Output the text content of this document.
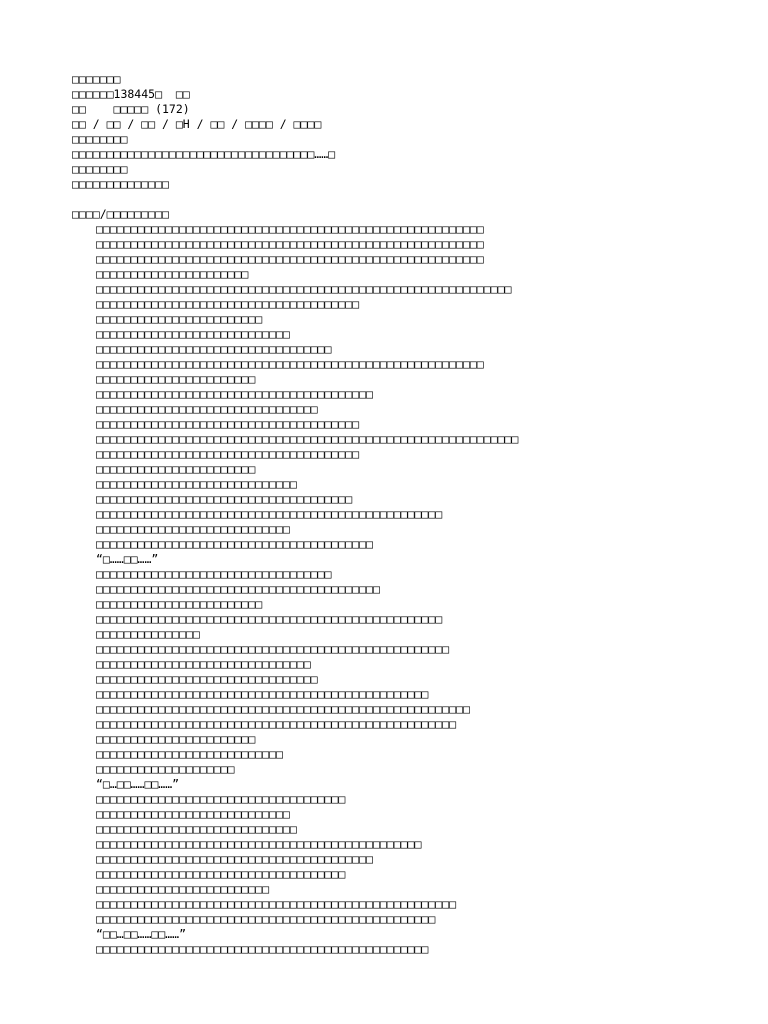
□□□□□□□
□□□□□□138445□  □□
□□    □□□□□ (172)
□□ / □□ / □□ / □H / □□ / □□□□ / □□□□
□□□□□□□□
□□□□□□□□□□□□□□□□□□□□□□□□□□□□□□□□□□□……□
□□□□□□□□
□□□□□□□□□□□□□□
□□□□/□□□□□□□□□
□□□□□□□□□□□□□□□□□□□□□□□□□□□□□□□□□□□□□□□□□□□□□□□□□□□□□□□□
□□□□□□□□□□□□□□□□□□□□□□□□□□□□□□□□□□□□□□□□□□□□□□□□□□□□□□□□
□□□□□□□□□□□□□□□□□□□□□□□□□□□□□□□□□□□□□□□□□□□□□□□□□□□□□□□□
□□□□□□□□□□□□□□□□□□□□□□
□□□□□□□□□□□□□□□□□□□□□□□□□□□□□□□□□□□□□□□□□□□□□□□□□□□□□□□□□□□□
□□□□□□□□□□□□□□□□□□□□□□□□□□□□□□□□□□□□□□
□□□□□□□□□□□□□□□□□□□□□□□□
□□□□□□□□□□□□□□□□□□□□□□□□□□□□
□□□□□□□□□□□□□□□□□□□□□□□□□□□□□□□□□□
□□□□□□□□□□□□□□□□□□□□□□□□□□□□□□□□□□□□□□□□□□□□□□□□□□□□□□□□
□□□□□□□□□□□□□□□□□□□□□□□
□□□□□□□□□□□□□□□□□□□□□□□□□□□□□□□□□□□□□□□□
□□□□□□□□□□□□□□□□□□□□□□□□□□□□□□□□
□□□□□□□□□□□□□□□□□□□□□□□□□□□□□□□□□□□□□□
□□□□□□□□□□□□□□□□□□□□□□□□□□□□□□□□□□□□□□□□□□□□□□□□□□□□□□□□□□□□□
□□□□□□□□□□□□□□□□□□□□□□□□□□□□□□□□□□□□□□
□□□□□□□□□□□□□□□□□□□□□□□
□□□□□□□□□□□□□□□□□□□□□□□□□□□□□
□□□□□□□□□□□□□□□□□□□□□□□□□□□□□□□□□□□□□
□□□□□□□□□□□□□□□□□□□□□□□□□□□□□□□□□□□□□□□□□□□□□□□□□□
□□□□□□□□□□□□□□□□□□□□□□□□□□□□
□□□□□□□□□□□□□□□□□□□□□□□□□□□□□□□□□□□□□□□□
“□……□□……”
□□□□□□□□□□□□□□□□□□□□□□□□□□□□□□□□□□
□□□□□□□□□□□□□□□□□□□□□□□□□□□□□□□□□□□□□□□□□
□□□□□□□□□□□□□□□□□□□□□□□□
□□□□□□□□□□□□□□□□□□□□□□□□□□□□□□□□□□□□□□□□□□□□□□□□□□
□□□□□□□□□□□□□□□
□□□□□□□□□□□□□□□□□□□□□□□□□□□□□□□□□□□□□□□□□□□□□□□□□□□
□□□□□□□□□□□□□□□□□□□□□□□□□□□□□□□
□□□□□□□□□□□□□□□□□□□□□□□□□□□□□□□□
□□□□□□□□□□□□□□□□□□□□□□□□□□□□□□□□□□□□□□□□□□□□□□□□
□□□□□□□□□□□□□□□□□□□□□□□□□□□□□□□□□□□□□□□□□□□□□□□□□□□□□□
□□□□□□□□□□□□□□□□□□□□□□□□□□□□□□□□□□□□□□□□□□□□□□□□□□□□
□□□□□□□□□□□□□□□□□□□□□□□
□□□□□□□□□□□□□□□□□□□□□□□□□□□
□□□□□□□□□□□□□□□□□□□□
“□…□□……□□……”
□□□□□□□□□□□□□□□□□□□□□□□□□□□□□□□□□□□□
□□□□□□□□□□□□□□□□□□□□□□□□□□□□
□□□□□□□□□□□□□□□□□□□□□□□□□□□□□
□□□□□□□□□□□□□□□□□□□□□□□□□□□□□□□□□□□□□□□□□□□□□□□
□□□□□□□□□□□□□□□□□□□□□□□□□□□□□□□□□□□□□□□□
□□□□□□□□□□□□□□□□□□□□□□□□□□□□□□□□□□□□
□□□□□□□□□□□□□□□□□□□□□□□□□
□□□□□□□□□□□□□□□□□□□□□□□□□□□□□□□□□□□□□□□□□□□□□□□□□□□□
□□□□□□□□□□□□□□□□□□□□□□□□□□□□□□□□□□□□□□□□□□□□□□□□□
“□□…□□……□□……”
□□□□□□□□□□□□□□□□□□□□□□□□□□□□□□□□□□□□□□□□□□□□□□□□
